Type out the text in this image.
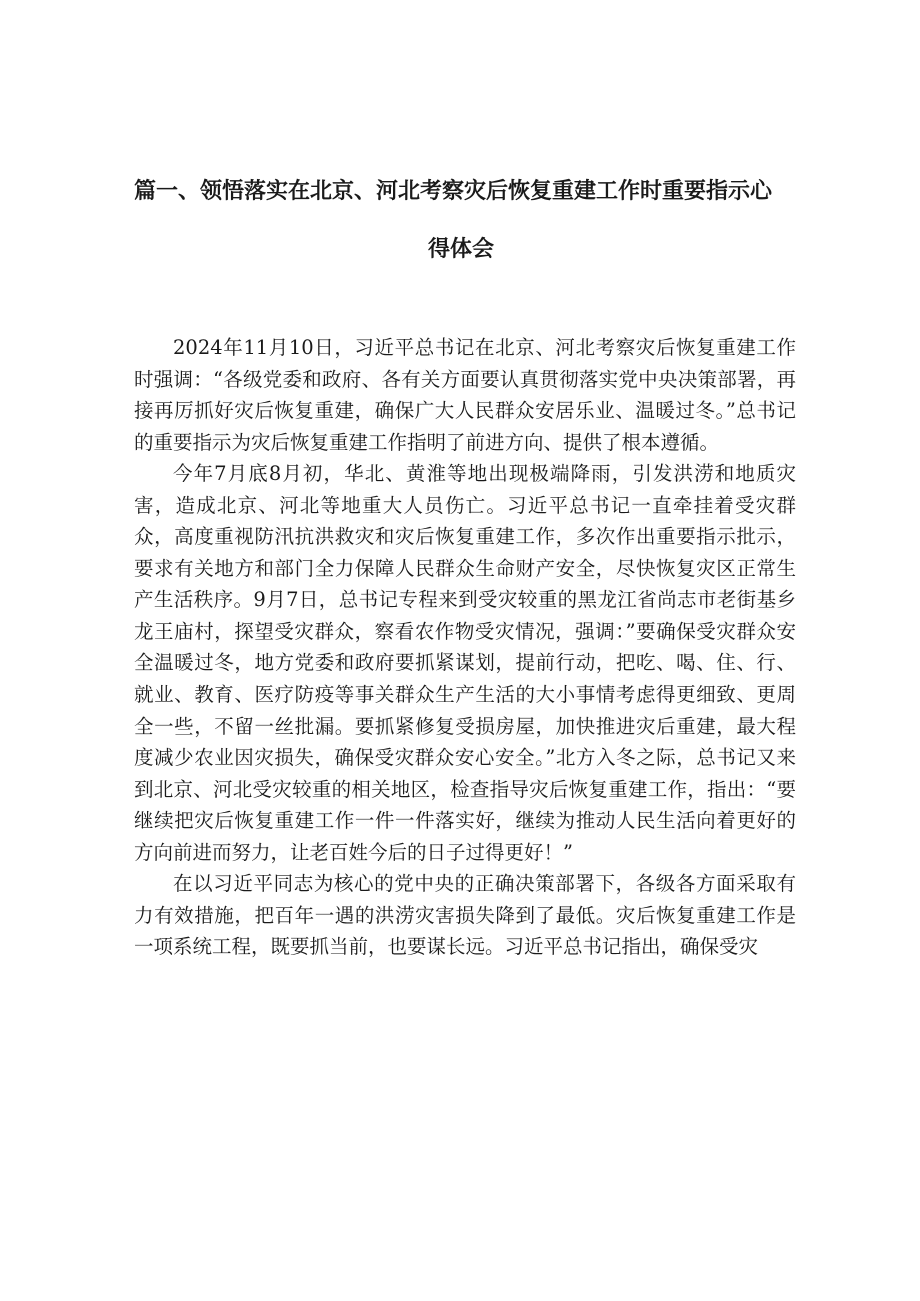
篇一、领悟落实在北京、河北考察灾后恢复重建工作时重要指示心
得体会

2024年11月10日，习近平总书记在北京、河北考察灾后恢复重建工作时强调：“各级党委和政府、各有关方面要认真贯彻落实党中央决策部署，再接再厉抓好灾后恢复重建，确保广大人民群众安居乐业、温暖过冬。”总书记的重要指示为灾后恢复重建工作指明了前进方向、提供了根本遵循。

今年7月底8月初，华北、黄淮等地出现极端降雨，引发洪涝和地质灾害，造成北京、河北等地重大人员伤亡。习近平总书记一直牵挂着受灾群众，高度重视防汛抗洪救灾和灾后恢复重建工作，多次作出重要指示批示，要求有关地方和部门全力保障人民群众生命财产安全，尽快恢复灾区正常生产生活秩序。9月7日，总书记专程来到受灾较重的黑龙江省尚志市老街基乡龙王庙村，探望受灾群众，察看农作物受灾情况，强调：”要确保受灾群众安全温暖过冬，地方党委和政府要抓紧谋划，提前行动，把吃、喝、住、行、就业、教育、医疗防疫等事关群众生产生活的大小事情考虑得更细致、更周全一些，不留一丝批漏。要抓紧修复受损房屋，加快推进灾后重建，最大程度减少农业因灾损失，确保受灾群众安心安全。”北方入冬之际，总书记又来到北京、河北受灾较重的相关地区，检查指导灾后恢复重建工作，指出：“要继续把灾后恢复重建工作一件一件落实好，继续为推动人民生活向着更好的方向前进而努力，让老百姓今后的日子过得更好！”

在以习近平同志为核心的党中央的正确决策部署下，各级各方面采取有力有效措施，把百年一遇的洪涝灾害损失降到了最低。灾后恢复重建工作是一项系统工程，既要抓当前，也要谋长远。习近平总书记指出，确保受灾
